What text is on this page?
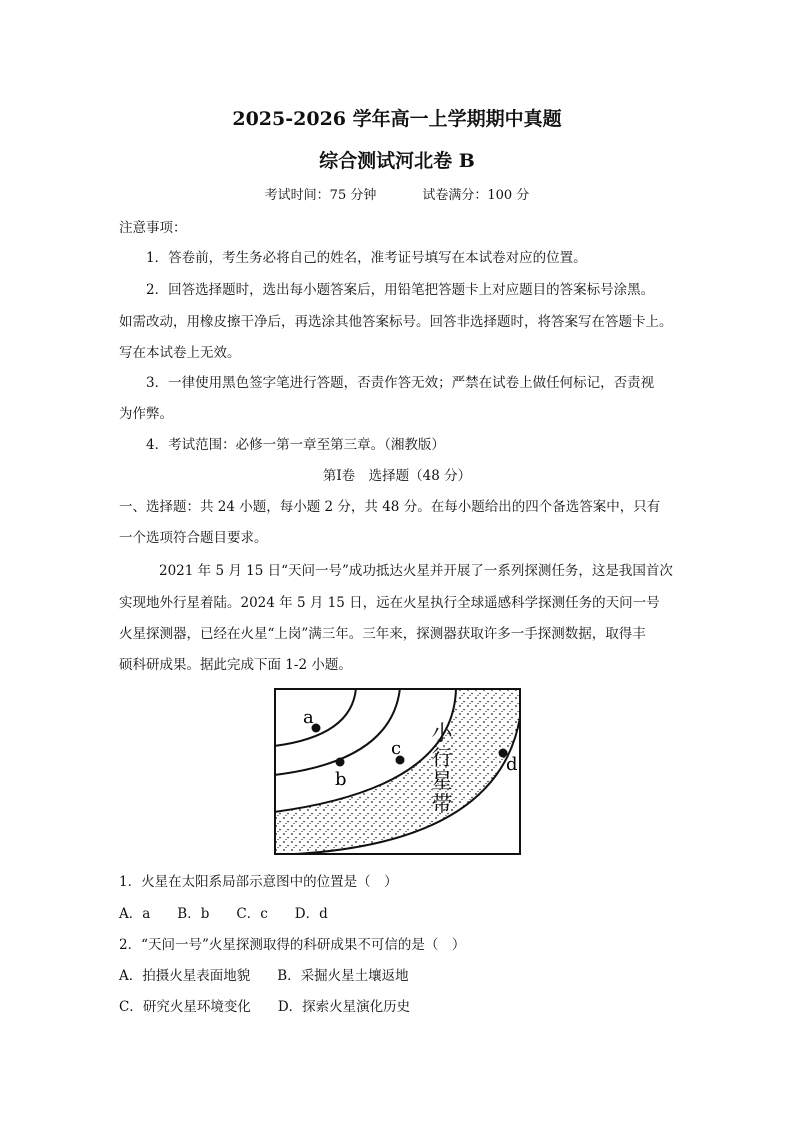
2025-2026 学年高一上学期期中真题
综合测试河北卷 B
考试时间：75 分钟	试卷满分：100 分
注意事项：
1．答卷前，考生务必将自己的姓名，准考证号填写在本试卷对应的位置。
2．回答选择题时，选出每小题答案后，用铅笔把答题卡上对应题目的答案标号涂黑。
如需改动，用橡皮擦干净后，再选涂其他答案标号。回答非选择题时，将答案写在答题卡上。
写在本试卷上无效。
3．一律使用黑色签字笔进行答题，否责作答无效；严禁在试卷上做任何标记，否责视
为作弊。
4．考试范围：必修一第一章至第三章。（湘教版）
第Ⅰ卷　选择题（48 分）
一、选择题：共 24 小题，每小题 2 分，共 48 分。在每小题给出的四个备选答案中，只有
一个选项符合题目要求。
2021 年 5 月 15 日“天问一号”成功抵达火星并开展了一系列探测任务，这是我国首次
实现地外行星着陆。2024 年 5 月 15 日，远在火星执行全球遥感科学探测任务的天问一号
火星探测器，已经在火星“上岗”满三年。三年来，探测器获取许多一手探测数据，取得丰
硕科研成果。据此完成下面 1-2 小题。
a
b
c
d
小
行
星
带
1．火星在太阳系局部示意图中的位置是（　）
A．a　　B．b　　C．c　　D．d
2．“天问一号”火星探测取得的科研成果不可信的是（　）
A．拍摄火星表面地貌　　B．采掘火星土壤返地
C．研究火星环境变化　　D．探索火星演化历史
